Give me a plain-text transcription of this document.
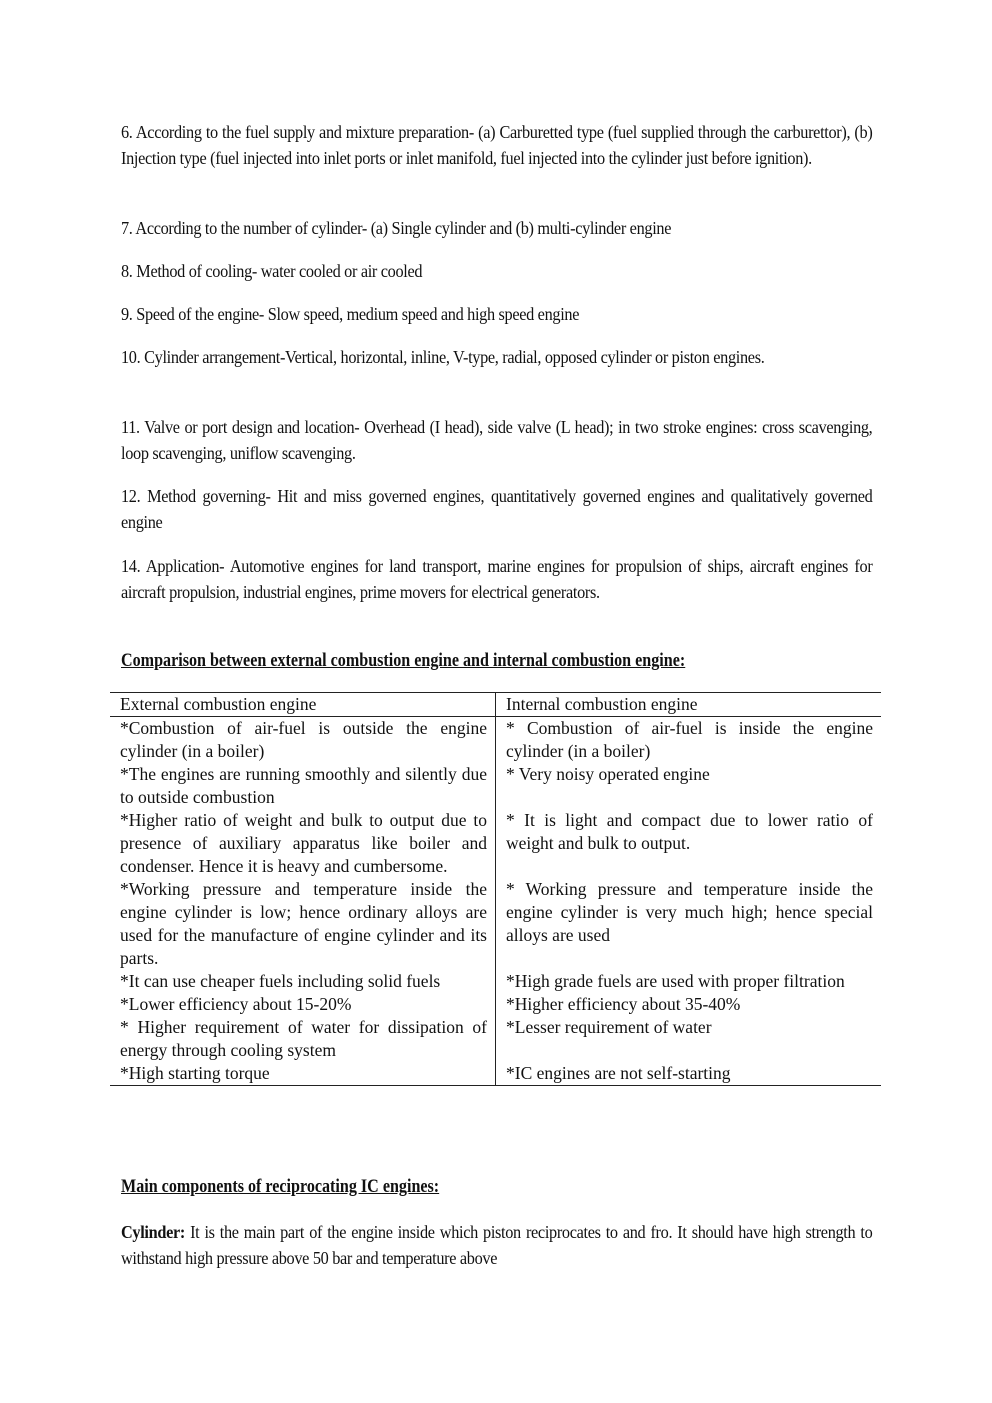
6. According to the fuel supply and mixture preparation- (a) Carburetted type (fuel supplied through the carburettor), (b) Injection type (fuel injected into inlet ports or inlet manifold, fuel injected into the cylinder just before ignition).

7. According to the number of cylinder- (a) Single cylinder and (b) multi-cylinder engine

8. Method of cooling- water cooled or air cooled

9. Speed of the engine- Slow speed, medium speed and high speed engine

10. Cylinder arrangement-Vertical, horizontal, inline, V-type, radial, opposed cylinder or piston engines.

11. Valve or port design and location- Overhead (I head), side valve (L head); in two stroke engines: cross scavenging, loop scavenging, uniflow scavenging.

12. Method governing- Hit and miss governed engines, quantitatively governed engines and qualitatively governed engine

14. Application- Automotive engines for land transport, marine engines for propulsion of ships, aircraft engines for aircraft propulsion, industrial engines, prime movers for electrical generators.

Comparison between external combustion engine and internal combustion engine:
External combustion engine	Internal combustion engine
*Combustion of air-fuel is outside the engine cylinder (in a boiler)	* Combustion of air-fuel is inside the engine cylinder (in a boiler)
*The engines are running smoothly and silently due to outside combustion	* Very noisy operated engine
*Higher ratio of weight and bulk to output due to presence of auxiliary apparatus like boiler and condenser. Hence it is heavy and cumbersome.	* It is light and compact due to lower ratio of weight and bulk to output.
*Working pressure and temperature inside the engine cylinder is low; hence ordinary alloys are used for the manufacture of engine cylinder and its parts.	* Working pressure and temperature inside the engine cylinder is very much high; hence special alloys are used
*It can use cheaper fuels including solid fuels	*High grade fuels are used with proper filtration
*Lower efficiency about 15-20%	*Higher efficiency about 35-40%
* Higher requirement of water for dissipation of energy through cooling system	*Lesser requirement of water
*High starting torque	*IC engines are not self-starting
Main components of reciprocating IC engines:

Cylinder: It is the main part of the engine inside which piston reciprocates to and fro. It should have high strength to withstand high pressure above 50 bar and temperature above
